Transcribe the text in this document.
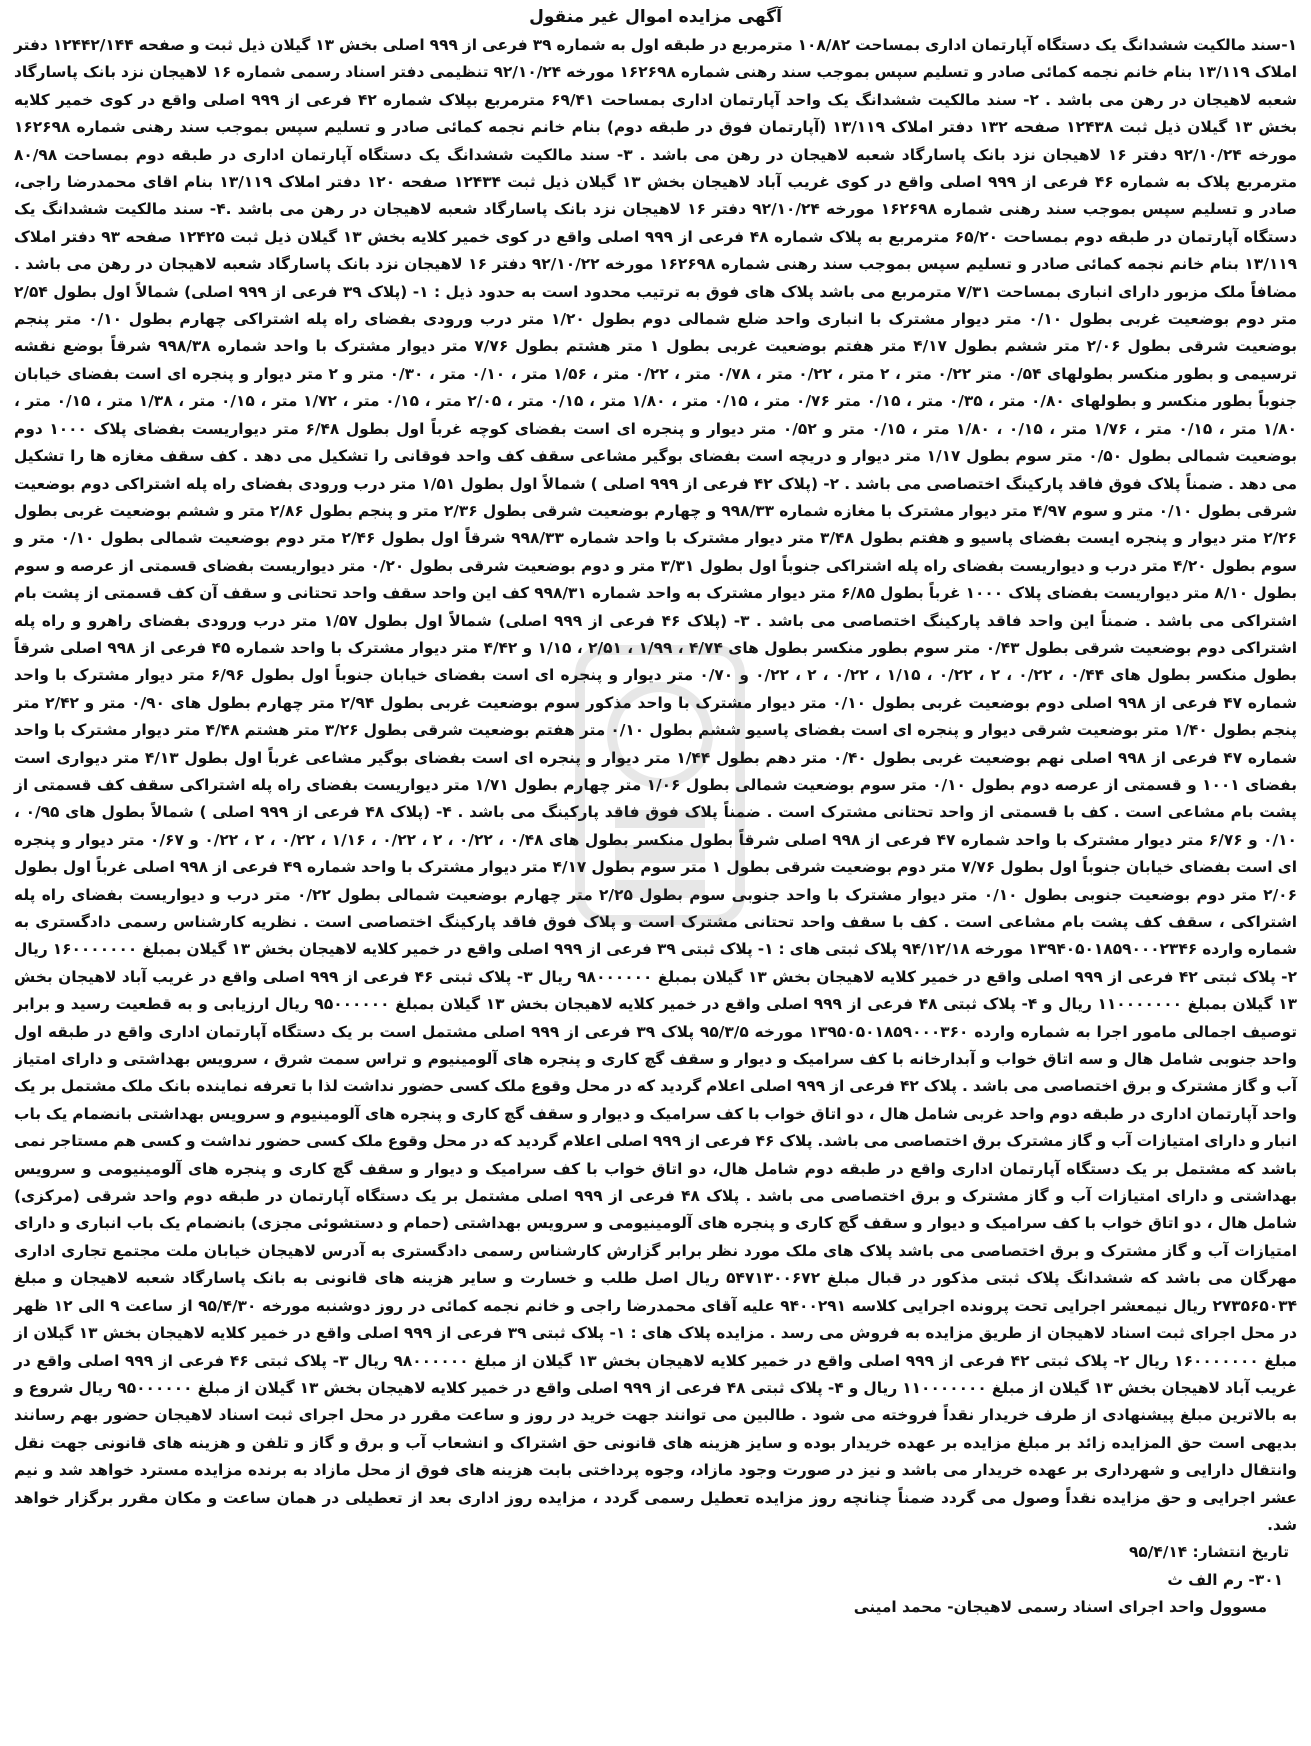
آگهی مزایده اموال غیر منقول

۱-سند مالکیت ششدانگ یک دستگاه آپارتمان اداری بمساحت ۱۰۸/۸۲ مترمربع در طبقه اول به شماره ۳۹ فرعی از ۹۹۹ اصلی بخش ۱۳ گیلان ذیل ثبت و صفحه ۱۲۴۴۲/۱۴۴ دفتر املاک ۱۳/۱۱۹ بنام خانم نجمه کمائی صادر و تسلیم سپس بموجب سند رهنی شماره ۱۶۲۶۹۸ مورخه ۹۲/۱۰/۲۴ تنظیمی دفتر اسناد رسمی شماره ۱۶ لاهیجان نزد بانک پاسارگاد شعبه لاهیجان در رهن می باشد . ۲- سند مالکیت ششدانگ یک واحد آپارتمان اداری بمساحت ۶۹/۴۱ مترمربع بپلاک شماره ۴۲ فرعی از ۹۹۹ اصلی واقع در کوی خمیر کلایه بخش ۱۳ گیلان ذیل ثبت ۱۲۴۳۸ صفحه ۱۳۲ دفتر املاک ۱۳/۱۱۹ (آپارتمان فوق در طبقه دوم) بنام خانم نجمه کمائی صادر و تسلیم سپس بموجب سند رهنی شماره ۱۶۲۶۹۸ مورخه ۹۲/۱۰/۲۴ دفتر ۱۶ لاهیجان نزد بانک پاسارگاد شعبه لاهیجان در رهن می باشد . ۳- سند مالکیت ششدانگ یک دستگاه آپارتمان اداری در طبقه دوم بمساحت ۸۰/۹۸ مترمربع پلاک به شماره ۴۶ فرعی از ۹۹۹ اصلی واقع در کوی غریب آباد لاهیجان بخش ۱۳ گیلان ذیل ثبت ۱۲۴۳۴ صفحه ۱۲۰ دفتر املاک ۱۳/۱۱۹ بنام اقای محمدرضا راجی، صادر و تسلیم سپس بموجب سند رهنی شماره ۱۶۲۶۹۸ مورخه ۹۲/۱۰/۲۴ دفتر ۱۶ لاهیجان نزد بانک پاسارگاد شعبه لاهیجان در رهن می باشد .۴- سند مالکیت ششدانگ یک دستگاه آپارتمان در طبقه دوم بمساحت ۶۵/۲۰ مترمربع به پلاک شماره ۴۸ فرعی از ۹۹۹ اصلی واقع در کوی خمیر کلایه بخش ۱۳ گیلان ذیل ثبت ۱۲۴۲۵ صفحه ۹۳ دفتر املاک ۱۳/۱۱۹ بنام خانم نجمه کمائی صادر و تسلیم سپس بموجب سند رهنی شماره ۱۶۲۶۹۸ مورخه ۹۲/۱۰/۲۲ دفتر ۱۶ لاهیجان نزد بانک پاسارگاد شعبه لاهیجان در رهن می باشد . مضافاً ملک مزبور دارای انباری بمساحت ۷/۳۱ مترمربع می باشد پلاک های فوق به ترتیب محدود است به حدود ذیل : ۱- (پلاک ۳۹ فرعی از ۹۹۹ اصلی) شمالاً اول بطول ۲/۵۴ متر دوم بوضعیت غربی بطول ۰/۱۰ متر دیوار مشترک با انباری واحد ضلع شمالی دوم بطول ۱/۲۰ متر درب ورودی بفضای راه پله اشتراکی چهارم بطول ۰/۱۰ متر پنجم بوضعیت شرقی بطول ۲/۰۶ متر ششم بطول ۴/۱۷ متر هفتم بوضعیت غربی بطول ۱ متر هشتم بطول ۷/۷۶ متر دیوار مشترک با واحد شماره ۹۹۸/۳۸ شرقاً بوضع نقشه ترسیمی و بطور منکسر بطولهای ۰/۵۴ متر ۰/۲۲ متر ، ۲ متر ، ۰/۲۲ متر ، ۰/۷۸ متر ، ۰/۲۲ متر ، ۱/۵۶ متر ، ۰/۱۰ متر ، ۰/۳۰ متر و ۲ متر دیوار و پنجره ای است بفضای خیابان جنوباً بطور منکسر و بطولهای ۰/۸۰ متر ، ۰/۳۵ متر ، ۰/۱۵ متر ۰/۷۶ متر ، ۰/۱۵ متر ، ۱/۸۰ متر ، ۰/۱۵ متر ، ۲/۰۵ متر ، ۰/۱۵ متر ، ۱/۷۲ متر ، ۰/۱۵ متر ، ۱/۳۸ متر ، ۰/۱۵ متر ، ۱/۸۰ متر ، ۰/۱۵ متر ، ۱/۷۶ متر ، ۰/۱۵ ، ۱/۸۰ متر ، ۰/۱۵ متر و ۰/۵۲ متر دیوار و پنجره ای است بفضای کوچه غرباً اول بطول ۶/۴۸ متر دیواریست بفضای پلاک ۱۰۰۰ دوم بوضعیت شمالی بطول ۰/۵۰ متر سوم بطول ۱/۱۷ متر دیوار و دریچه است بفضای بوگیر مشاعی سقف کف واحد فوقانی را تشکیل می دهد . کف سقف مغازه ها را تشکیل می دهد . ضمناً پلاک فوق فاقد پارکینگ اختصاصی می باشد . ۲- (پلاک ۴۲ فرعی از ۹۹۹ اصلی ) شمالاً اول بطول ۱/۵۱ متر درب ورودی بفضای راه پله اشتراکی دوم بوضعیت شرقی بطول ۰/۱۰ متر و سوم ۴/۹۷ متر دیوار مشترک با مغازه شماره ۹۹۸/۳۳ و چهارم بوضعیت شرقی بطول ۲/۳۶ متر و پنجم بطول ۲/۸۶ متر و ششم بوضعیت غربی بطول ۲/۲۶ متر دیوار و پنجره ایست بفضای پاسیو و هفتم بطول ۳/۴۸ متر دیوار مشترک با واحد شماره ۹۹۸/۳۳ شرقاً اول بطول ۲/۴۶ متر دوم بوضعیت شمالی بطول ۰/۱۰ متر و سوم بطول ۴/۲۰ متر درب و دیواریست بفضای راه پله اشتراکی جنوباً اول بطول ۳/۳۱ متر و دوم بوضعیت شرقی بطول ۰/۲۰ متر دیواریست بفضای قسمتی از عرصه و سوم بطول ۸/۱۰ متر دیواریست بفضای پلاک ۱۰۰۰ غرباً بطول ۶/۸۵ متر دیوار مشترک به واحد شماره ۹۹۸/۳۱ کف این واحد سقف واحد تحتانی و سقف آن کف قسمتی از پشت بام اشتراکی می باشد . ضمناً این واحد فاقد پارکینگ اختصاصی می باشد . ۳- (پلاک ۴۶ فرعی از ۹۹۹ اصلی) شمالاً اول بطول ۱/۵۷ متر درب ورودی بفضای راهرو و راه پله اشتراکی دوم بوضعیت شرقی بطول ۰/۴۳ متر سوم بطور منکسر بطول های ۴/۷۴ ، ۱/۹۹ ، ۲/۵۱ ، ۱/۱۵ و ۴/۴۲ متر دیوار مشترک با واحد شماره ۴۵ فرعی از ۹۹۸ اصلی شرقاً بطول منکسر بطول های ۰/۴۴ ، ۰/۲۲ ، ۲ ، ۰/۲۲ ، ۱/۱۵ ، ۰/۲۲ ، ۲ ، ۰/۲۲ و ۰/۷۰ متر دیوار و پنجره ای است بفضای خیابان جنوباً اول بطول ۶/۹۶ متر دیوار مشترک با واحد شماره ۴۷ فرعی از ۹۹۸ اصلی دوم بوضعیت غربی بطول ۰/۱۰ متر دیوار مشترک با واحد مذکور سوم بوضعیت غربی بطول ۲/۹۴ متر چهارم بطول های ۰/۹۰ متر و ۲/۴۲ متر پنجم بطول ۱/۴۰ متر بوضعیت شرقی دیوار و پنجره ای است بفضای پاسیو ششم بطول ۰/۱۰ متر هفتم بوضعیت شرقی بطول ۳/۲۶ متر هشتم ۴/۴۸ متر دیوار مشترک با واحد شماره ۴۷ فرعی از ۹۹۸ اصلی نهم بوضعیت غربی بطول ۰/۴۰ متر دهم بطول ۱/۴۴ متر دیوار و پنجره ای است بفضای بوگیر مشاعی غرباً اول بطول ۴/۱۳ متر دیواری است بفضای ۱۰۰۱ و قسمتی از عرصه دوم بطول ۰/۱۰ متر سوم بوضعیت شمالی بطول ۱/۰۶ متر چهارم بطول ۱/۷۱ متر دیواریست بفضای راه پله اشتراکی سقف کف قسمتی از پشت بام مشاعی است . کف با قسمتی از واحد تحتانی مشترک است . ضمناً پلاک فوق فاقد پارکینگ می باشد . ۴- (پلاک ۴۸ فرعی از ۹۹۹ اصلی ) شمالاً بطول های ۰/۹۵ ، ۰/۱۰ و ۶/۷۶ متر دیوار مشترک با واحد شماره ۴۷ فرعی از ۹۹۸ اصلی شرقاً بطول منکسر بطول های ۰/۴۸ ، ۰/۲۲ ، ۲ ، ۰/۲۲ ، ۱/۱۶ ، ۰/۲۲ ، ۲ ، ۰/۲۲ و ۰/۶۷ متر دیوار و پنجره ای است بفضای خیابان جنوباً اول بطول ۷/۷۶ متر دوم بوضعیت شرقی بطول ۱ متر سوم بطول ۴/۱۷ متر دیوار مشترک با واحد شماره ۴۹ فرعی از ۹۹۸ اصلی غرباً اول بطول ۲/۰۶ متر دوم بوضعیت جنوبی بطول ۰/۱۰ متر دیوار مشترک با واحد جنوبی سوم بطول ۲/۲۵ متر چهارم بوضعیت شمالی بطول ۰/۲۲ متر درب و دیواریست بفضای راه پله اشتراکی ، سقف کف پشت بام مشاعی است . کف با سقف واحد تحتانی مشترک است و پلاک فوق فاقد پارکینگ اختصاصی است . نظریه کارشناس رسمی دادگستری به شماره وارده ۱۳۹۴۰۵۰۱۸۵۹۰۰۰۲۳۴۶ مورخه ۹۴/۱۲/۱۸ پلاک ثبتی های : ۱- پلاک ثبتی ۳۹ فرعی از ۹۹۹ اصلی واقع در خمیر کلایه لاهیجان بخش ۱۳ گیلان بمبلغ ۱۶۰۰۰۰۰۰۰ ریال ۲- پلاک ثبتی ۴۲ فرعی از ۹۹۹ اصلی واقع در خمیر کلایه لاهیجان بخش ۱۳ گیلان بمبلغ ۹۸۰۰۰۰۰۰ ریال ۳- پلاک ثبتی ۴۶ فرعی از ۹۹۹ اصلی واقع در غریب آباد لاهیجان بخش ۱۳ گیلان بمبلغ ۱۱۰۰۰۰۰۰۰ ریال و ۴- پلاک ثبتی ۴۸ فرعی از ۹۹۹ اصلی واقع در خمیر کلایه لاهیجان بخش ۱۳ گیلان بمبلغ ۹۵۰۰۰۰۰۰ ریال ارزیابی و به قطعیت رسید و برابر توصیف اجمالی مامور اجرا به شماره وارده ۱۳۹۵۰۵۰۱۸۵۹۰۰۰۳۶۰ مورخه ۹۵/۳/۵ پلاک ۳۹ فرعی از ۹۹۹ اصلی مشتمل است بر یک دستگاه آپارتمان اداری واقع در طبقه اول واحد جنوبی شامل هال و سه اتاق خواب و آبدارخانه با کف سرامیک و دیوار و سقف گچ کاری و پنجره های آلومینیوم و تراس سمت شرق ، سرویس بهداشتی و دارای امتیاز آب و گاز مشترک و برق اختصاصی می باشد . پلاک ۴۲ فرعی از ۹۹۹ اصلی اعلام گردید که در محل وقوع ملک کسی حضور نداشت لذا با تعرفه نماینده بانک ملک مشتمل بر یک واحد آپارتمان اداری در طبقه دوم واحد غربی شامل هال ، دو اتاق خواب با کف سرامیک و دیوار و سقف گچ کاری و پنجره های آلومینیوم و سرویس بهداشتی بانضمام یک باب انبار و دارای امتیازات آب و گاز مشترک برق اختصاصی می باشد. پلاک ۴۶ فرعی از ۹۹۹ اصلی اعلام گردید که در محل وقوع ملک کسی حضور نداشت و کسی هم مستاجر نمی باشد که مشتمل بر یک دستگاه آپارتمان اداری واقع در طبقه دوم شامل هال، دو اتاق خواب با کف سرامیک و دیوار و سقف گچ کاری و پنجره های آلومینیومی و سرویس بهداشتی و دارای امتیازات آب و گاز مشترک و برق اختصاصی می باشد . پلاک ۴۸ فرعی از ۹۹۹ اصلی مشتمل بر یک دستگاه آپارتمان در طبقه دوم واحد شرقی (مرکزی) شامل هال ، دو اتاق خواب با کف سرامیک و دیوار و سقف گچ کاری و پنجره های آلومینیومی و سرویس بهداشتی (حمام و دستشوئی مجزی) بانضمام یک باب انباری و دارای امتیازات آب و گاز مشترک و برق اختصاصی می باشد پلاک های ملک مورد نظر برابر گزارش کارشناس رسمی دادگستری به آدرس لاهیجان خیابان ملت مجتمع تجاری اداری مهرگان می باشد که ششدانگ پلاک ثبتی مذکور در قبال مبلغ ۵۴۷۱۳۰۰۶۷۲ ریال اصل طلب و خسارت و سایر هزینه های قانونی به بانک پاسارگاد شعبه لاهیجان و مبلغ ۲۷۳۵۶۵۰۳۴ ریال نیمعشر اجرایی تحت پرونده اجرایی کلاسه ۹۴۰۰۲۹۱ علیه آقای محمدرضا راجی و خانم نجمه کمائی در روز دوشنبه مورخه ۹۵/۴/۳۰ از ساعت ۹ الی ۱۲ ظهر در محل اجرای ثبت اسناد لاهیجان از طریق مزایده به فروش می رسد . مزایده پلاک های : ۱- پلاک ثبتی ۳۹ فرعی از ۹۹۹ اصلی واقع در خمیر کلایه لاهیجان بخش ۱۳ گیلان از مبلغ ۱۶۰۰۰۰۰۰۰ ریال ۲- پلاک ثبتی ۴۲ فرعی از ۹۹۹ اصلی واقع در خمیر کلایه لاهیجان بخش ۱۳ گیلان از مبلغ ۹۸۰۰۰۰۰۰ ریال ۳- پلاک ثبتی ۴۶ فرعی از ۹۹۹ اصلی واقع در غریب آباد لاهیجان بخش ۱۳ گیلان از مبلغ ۱۱۰۰۰۰۰۰۰ ریال و ۴- پلاک ثبتی ۴۸ فرعی از ۹۹۹ اصلی واقع در خمیر کلایه لاهیجان بخش ۱۳ گیلان از مبلغ ۹۵۰۰۰۰۰۰ ریال شروع و به بالاترین مبلغ پیشنهادی از طرف خریدار نقداً فروخته می شود . طالبین می توانند جهت خرید در روز و ساعت مقرر در محل اجرای ثبت اسناد لاهیجان حضور بهم رسانند بدیهی است حق المزایده زائد بر مبلغ مزایده بر عهده خریدار بوده و سایز هزینه های قانونی حق اشتراک و انشعاب آب و برق و گاز و تلفن و هزینه های قانونی جهت نقل وانتقال دارایی و شهرداری بر عهده خریدار می باشد و نیز در صورت وجود مازاد، وجوه پرداختی بابت هزینه های فوق از محل مازاد به برنده مزایده مسترد خواهد شد و نیم عشر اجرایی و حق مزایده نقداً وصول می گردد ضمناً چنانچه روز مزایده تعطیل رسمی گردد ، مزایده روز اداری بعد از تعطیلی در همان ساعت و مکان مقرر برگزار خواهد شد.

تاریخ انتشار: ۹۵/۴/۱۴
۳۰۱- رم الف ث
مسوول واحد اجرای اسناد رسمی لاهیجان- محمد امینی
